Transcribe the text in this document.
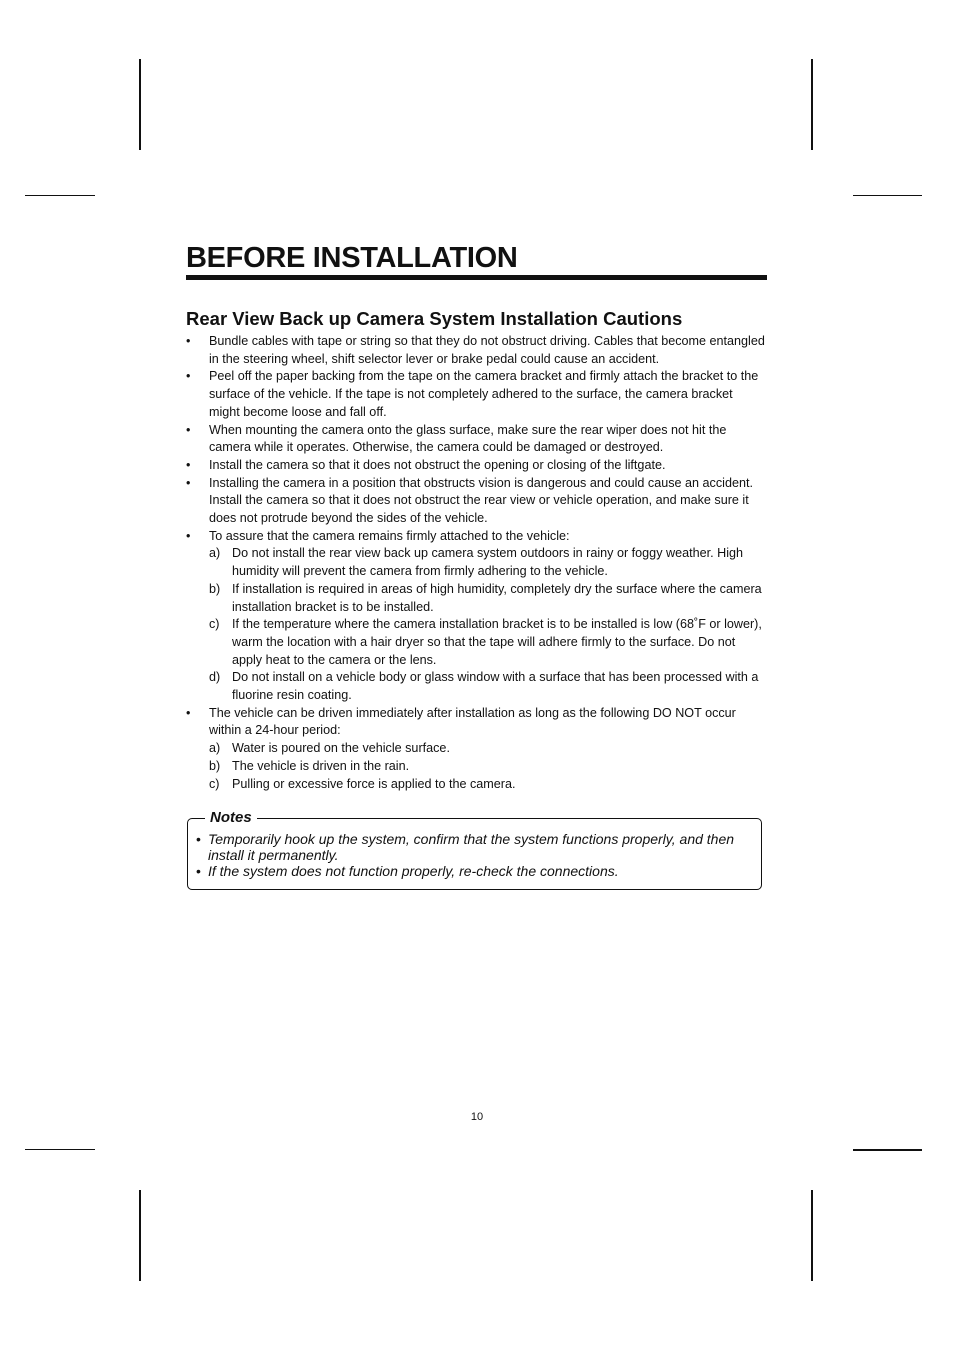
BEFORE INSTALLATION
Rear View Back up Camera System Installation Cautions
• Bundle cables with tape or string so that they do not obstruct driving. Cables that become entangled in the steering wheel, shift selector lever or brake pedal could cause an accident.
• Peel off the paper backing from the tape on the camera bracket and firmly attach the bracket to the surface of the vehicle. If the tape is not completely adhered to the surface, the camera bracket might become loose and fall off.
• When mounting the camera onto the glass surface, make sure the rear wiper does not hit the camera while it operates. Otherwise, the camera could be damaged or destroyed.
• Install the camera so that it does not obstruct the opening or closing of the liftgate.
• Installing the camera in a position that obstructs vision is dangerous and could cause an accident. Install the camera so that it does not obstruct the rear view or vehicle operation, and make sure it does not protrude beyond the sides of the vehicle.
• To assure that the camera remains firmly attached to the vehicle:
a) Do not install the rear view back up camera system outdoors in rainy or foggy weather. High humidity will prevent the camera from firmly adhering to the vehicle.
b) If installation is required in areas of high humidity, completely dry the surface where the camera installation bracket is to be installed.
c) If the temperature where the camera installation bracket is to be installed is low (68˚F or lower), warm the location with a hair dryer so that the tape will adhere firmly to the surface. Do not apply heat to the camera or the lens.
d) Do not install on a vehicle body or glass window with a surface that has been processed with a fluorine resin coating.
• The vehicle can be driven immediately after installation as long as the following DO NOT occur within a 24-hour period:
a) Water is poured on the vehicle surface.
b) The vehicle is driven in the rain.
c) Pulling or excessive force is applied to the camera.
Notes
• Temporarily hook up the system, confirm that the system functions properly, and then install it permanently.
• If the system does not function properly, re-check the connections.
10
